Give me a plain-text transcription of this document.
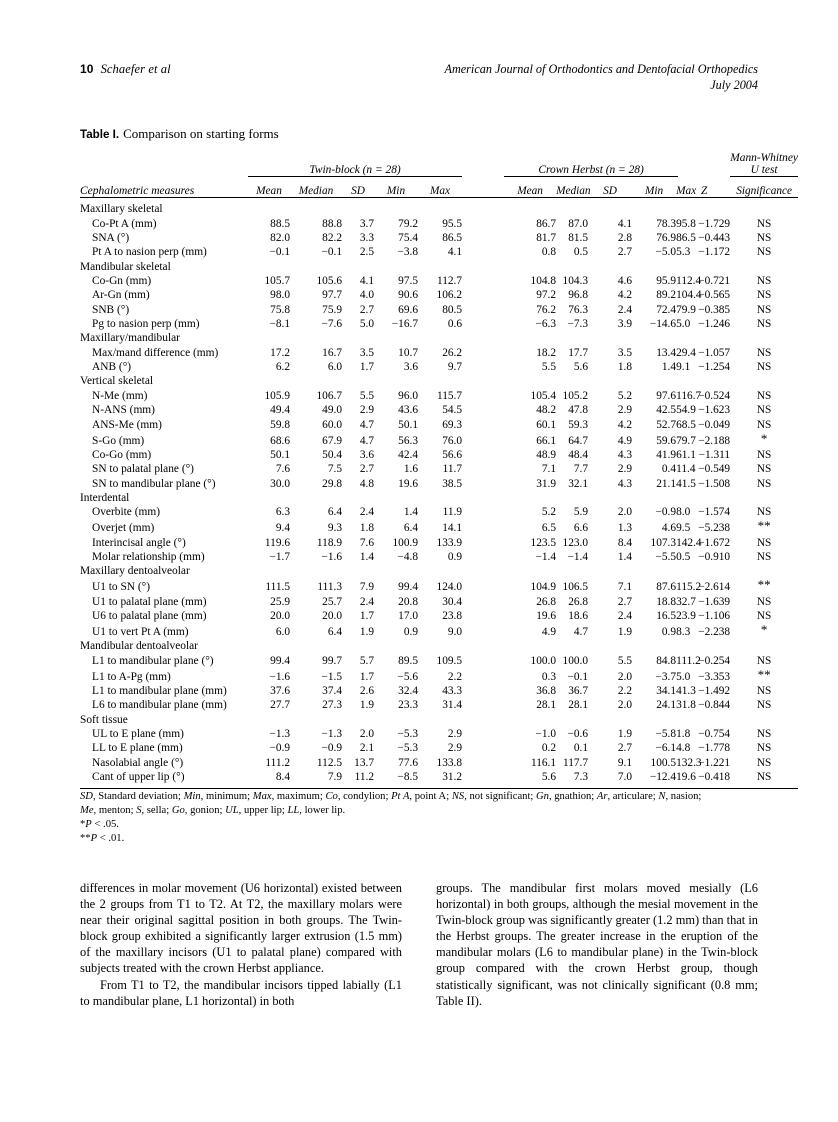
10 Schaefer et al	American Journal of Orthodontics and Dentofacial Orthopedics
July 2004
Table I. Comparison on starting forms
	Twin-block (n = 28)						Crown Herbst (n = 28)						Mann-Whitney U test
Cephalometric measures	Mean	Median	SD	Min	Max		Mean	Median	SD	Min	Max	Z	Significance

Maxillary skeletal													
Co-Pt A (mm)	88.5	88.8	3.7	79.2	95.5		86.7	87.0	4.1	78.3	95.8	−1.729	NS
SNA (°)	82.0	82.2	3.3	75.4	86.5		81.7	81.5	2.8	76.9	86.5	−0.443	NS
Pt A to nasion perp (mm)	−0.1	−0.1	2.5	−3.8	4.1		0.8	0.5	2.7	−5.0	5.3	−1.172	NS
Mandibular skeletal													
Co-Gn (mm)	105.7	105.6	4.1	97.5	112.7		104.8	104.3	4.6	95.9	112.4	−0.721	NS
Ar-Gn (mm)	98.0	97.7	4.0	90.6	106.2		97.2	96.8	4.2	89.2	104.4	−0.565	NS
SNB (°)	75.8	75.9	2.7	69.6	80.5		76.2	76.3	2.4	72.4	79.9	−0.385	NS
Pg to nasion perp (mm)	−8.1	−7.6	5.0	−16.7	0.6		−6.3	−7.3	3.9	−14.6	5.0	−1.246	NS
Maxillary/mandibular													
Max/mand difference (mm)	17.2	16.7	3.5	10.7	26.2		18.2	17.7	3.5	13.4	29.4	−1.057	NS
ANB (°)	6.2	6.0	1.7	3.6	9.7		5.5	5.6	1.8	1.4	9.1	−1.254	NS
Vertical skeletal													
N-Me (mm)	105.9	106.7	5.5	96.0	115.7		105.4	105.2	5.2	97.6	116.7	−0.524	NS
N-ANS (mm)	49.4	49.0	2.9	43.6	54.5		48.2	47.8	2.9	42.5	54.9	−1.623	NS
ANS-Me (mm)	59.8	60.0	4.7	50.1	69.3		60.1	59.3	4.2	52.7	68.5	−0.049	NS
S-Go (mm)	68.6	67.9	4.7	56.3	76.0		66.1	64.7	4.9	59.6	79.7	−2.188	*
Co-Go (mm)	50.1	50.4	3.6	42.4	56.6		48.9	48.4	4.3	41.9	61.1	−1.311	NS
SN to palatal plane (°)	7.6	7.5	2.7	1.6	11.7		7.1	7.7	2.9	0.4	11.4	−0.549	NS
SN to mandibular plane (°)	30.0	29.8	4.8	19.6	38.5		31.9	32.1	4.3	21.1	41.5	−1.508	NS
Interdental													
Overbite (mm)	6.3	6.4	2.4	1.4	11.9		5.2	5.9	2.0	−0.9	8.0	−1.574	NS
Overjet (mm)	9.4	9.3	1.8	6.4	14.1		6.5	6.6	1.3	4.6	9.5	−5.238	**
Interincisal angle (°)	119.6	118.9	7.6	100.9	133.9		123.5	123.0	8.4	107.3	142.4	−1.672	NS
Molar relationship (mm)	−1.7	−1.6	1.4	−4.8	0.9		−1.4	−1.4	1.4	−5.5	0.5	−0.910	NS
Maxillary dentoalveolar													
U1 to SN (°)	111.5	111.3	7.9	99.4	124.0		104.9	106.5	7.1	87.6	115.2	−2.614	**
U1 to palatal plane (mm)	25.9	25.7	2.4	20.8	30.4		26.8	26.8	2.7	18.8	32.7	−1.639	NS
U6 to palatal plane (mm)	20.0	20.0	1.7	17.0	23.8		19.6	18.6	2.4	16.5	23.9	−1.106	NS
U1 to vert Pt A (mm)	6.0	6.4	1.9	0.9	9.0		4.9	4.7	1.9	0.9	8.3	−2.238	*
Mandibular dentoalveolar													
L1 to mandibular plane (°)	99.4	99.7	5.7	89.5	109.5		100.0	100.0	5.5	84.8	111.2	−0.254	NS
L1 to A-Pg (mm)	−1.6	−1.5	1.7	−5.6	2.2		0.3	−0.1	2.0	−3.7	5.0	−3.353	**
L1 to mandibular plane (mm)	37.6	37.4	2.6	32.4	43.3		36.8	36.7	2.2	34.1	41.3	−1.492	NS
L6 to mandibular plane (mm)	27.7	27.3	1.9	23.3	31.4		28.1	28.1	2.0	24.1	31.8	−0.844	NS
Soft tissue													
UL to E plane (mm)	−1.3	−1.3	2.0	−5.3	2.9		−1.0	−0.6	1.9	−5.8	1.8	−0.754	NS
LL to E plane (mm)	−0.9	−0.9	2.1	−5.3	2.9		0.2	0.1	2.7	−6.1	4.8	−1.778	NS
Nasolabial angle (°)	111.2	112.5	13.7	77.6	133.8		116.1	117.7	9.1	100.5	132.3	−1.221	NS
Cant of upper lip (°)	8.4	7.9	11.2	−8.5	31.2		5.6	7.3	7.0	−12.4	19.6	−0.418	NS

SD, Standard deviation; Min, minimum; Max, maximum; Co, condylion; Pt A, point A; NS, not significant; Gn, gnathion; Ar, articulare; N, nasion;
Me, menton; S, sella; Go, gonion; UL, upper lip; LL, lower lip.
*P < .05.
**P < .01.

differences in molar movement (U6 horizontal) existed between the 2 groups from T1 to T2. At T2, the maxillary molars were near their original sagittal position in both groups. The Twin-block group exhibited a significantly larger extrusion (1.5 mm) of the maxillary incisors (U1 to palatal plane) compared with subjects treated with the crown Herbst appliance.

From T1 to T2, the mandibular incisors tipped labially (L1 to mandibular plane, L1 horizontal) in both

groups. The mandibular first molars moved mesially (L6 horizontal) in both groups, although the mesial movement in the Twin-block group was significantly greater (1.2 mm) than that in the Herbst groups. The greater increase in the eruption of the mandibular molars (L6 to mandibular plane) in the Twin-block group compared with the crown Herbst group, though statistically significant, was not clinically significant (0.8 mm; Table II).
